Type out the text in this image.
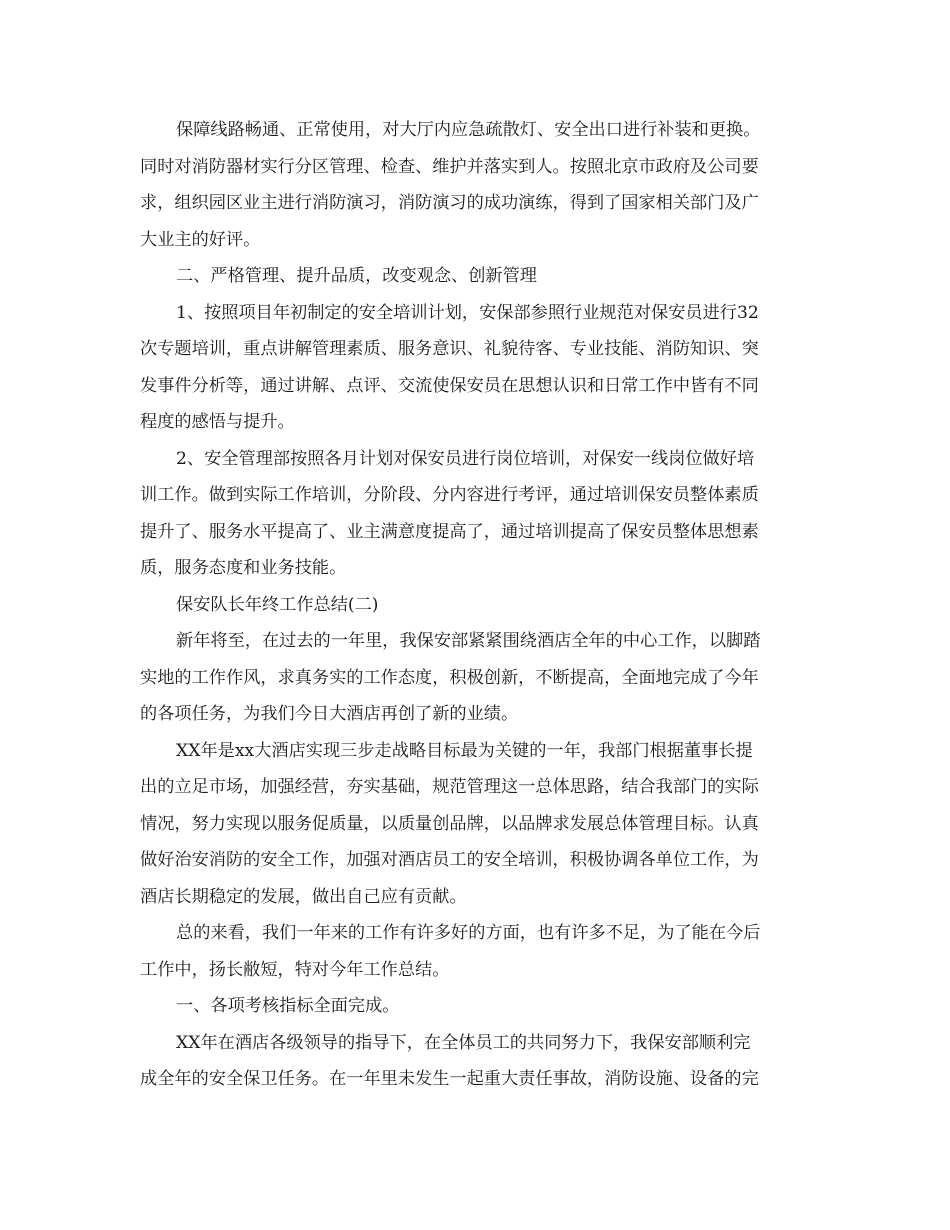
保障线路畅通、正常使用，对大厅内应急疏散灯、安全出口进行补装和更换。
同时对消防器材实行分区管理、检查、维护并落实到人。按照北京市政府及公司要
求，组织园区业主进行消防演习，消防演习的成功演练，得到了国家相关部门及广
大业主的好评。
二、严格管理、提升品质，改变观念、创新管理
1、按照项目年初制定的安全培训计划，安保部参照行业规范对保安员进行32
次专题培训，重点讲解管理素质、服务意识、礼貌待客、专业技能、消防知识、突
发事件分析等，通过讲解、点评、交流使保安员在思想认识和日常工作中皆有不同
程度的感悟与提升。
2、安全管理部按照各月计划对保安员进行岗位培训，对保安一线岗位做好培
训工作。做到实际工作培训，分阶段、分内容进行考评，通过培训保安员整体素质
提升了、服务水平提高了、业主满意度提高了，通过培训提高了保安员整体思想素
质，服务态度和业务技能。
保安队长年终工作总结(二)
新年将至，在过去的一年里，我保安部紧紧围绕酒店全年的中心工作，以脚踏
实地的工作作风，求真务实的工作态度，积极创新，不断提高，全面地完成了今年
的各项任务，为我们今日大酒店再创了新的业绩。
XX年是xx大酒店实现三步走战略目标最为关键的一年，我部门根据董事长提
出的立足市场，加强经营，夯实基础，规范管理这一总体思路，结合我部门的实际
情况，努力实现以服务促质量，以质量创品牌，以品牌求发展总体管理目标。认真
做好治安消防的安全工作，加强对酒店员工的安全培训，积极协调各单位工作，为
酒店长期稳定的发展，做出自己应有贡献。
总的来看，我们一年来的工作有许多好的方面，也有许多不足，为了能在今后
工作中，扬长敝短，特对今年工作总结。
一、各项考核指标全面完成。
XX年在酒店各级领导的指导下，在全体员工的共同努力下，我保安部顺利完
成全年的安全保卫任务。在一年里未发生一起重大责任事故，消防设施、设备的完
